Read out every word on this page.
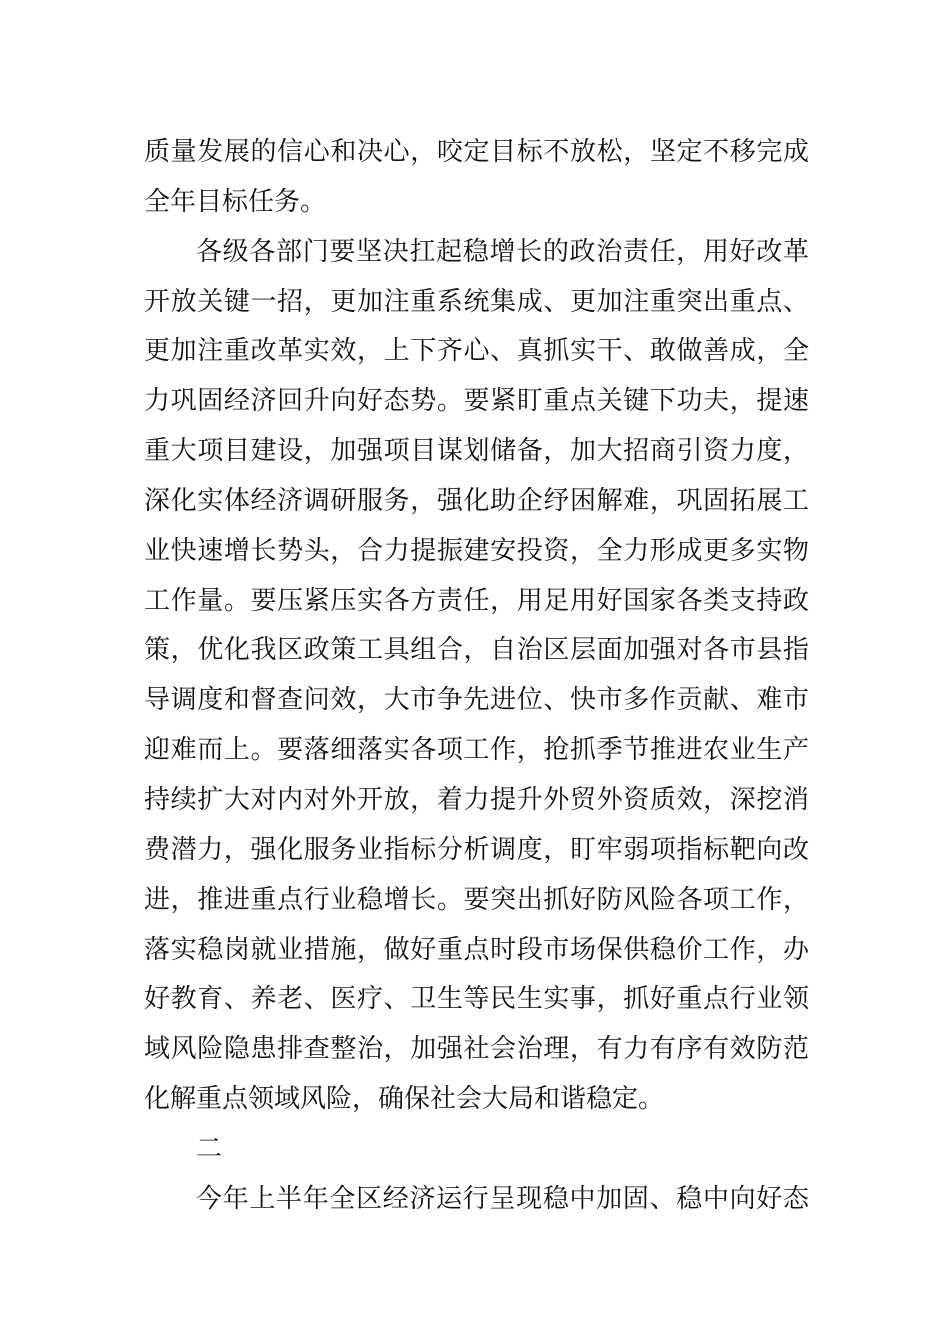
质量发展的信心和决心，咬定目标不放松，坚定不移完成
全年目标任务。
各级各部门要坚决扛起稳增长的政治责任，用好改革
开放关键一招，更加注重系统集成、更加注重突出重点、
更加注重改革实效，上下齐心、真抓实干、敢做善成，全
力巩固经济回升向好态势。要紧盯重点关键下功夫，提速
重大项目建设，加强项目谋划储备，加大招商引资力度，
深化实体经济调研服务，强化助企纾困解难，巩固拓展工
业快速增长势头，合力提振建安投资，全力形成更多实物
工作量。要压紧压实各方责任，用足用好国家各类支持政
策，优化我区政策工具组合，自治区层面加强对各市县指
导调度和督查问效，大市争先进位、快市多作贡献、难市
迎难而上。要落细落实各项工作，抢抓季节推进农业生产
持续扩大对内对外开放，着力提升外贸外资质效，深挖消
费潜力，强化服务业指标分析调度，盯牢弱项指标靶向改
进，推进重点行业稳增长。要突出抓好防风险各项工作，
落实稳岗就业措施，做好重点时段市场保供稳价工作，办
好教育、养老、医疗、卫生等民生实事，抓好重点行业领
域风险隐患排查整治，加强社会治理，有力有序有效防范
化解重点领域风险，确保社会大局和谐稳定。
二
今年上半年全区经济运行呈现稳中加固、稳中向好态
